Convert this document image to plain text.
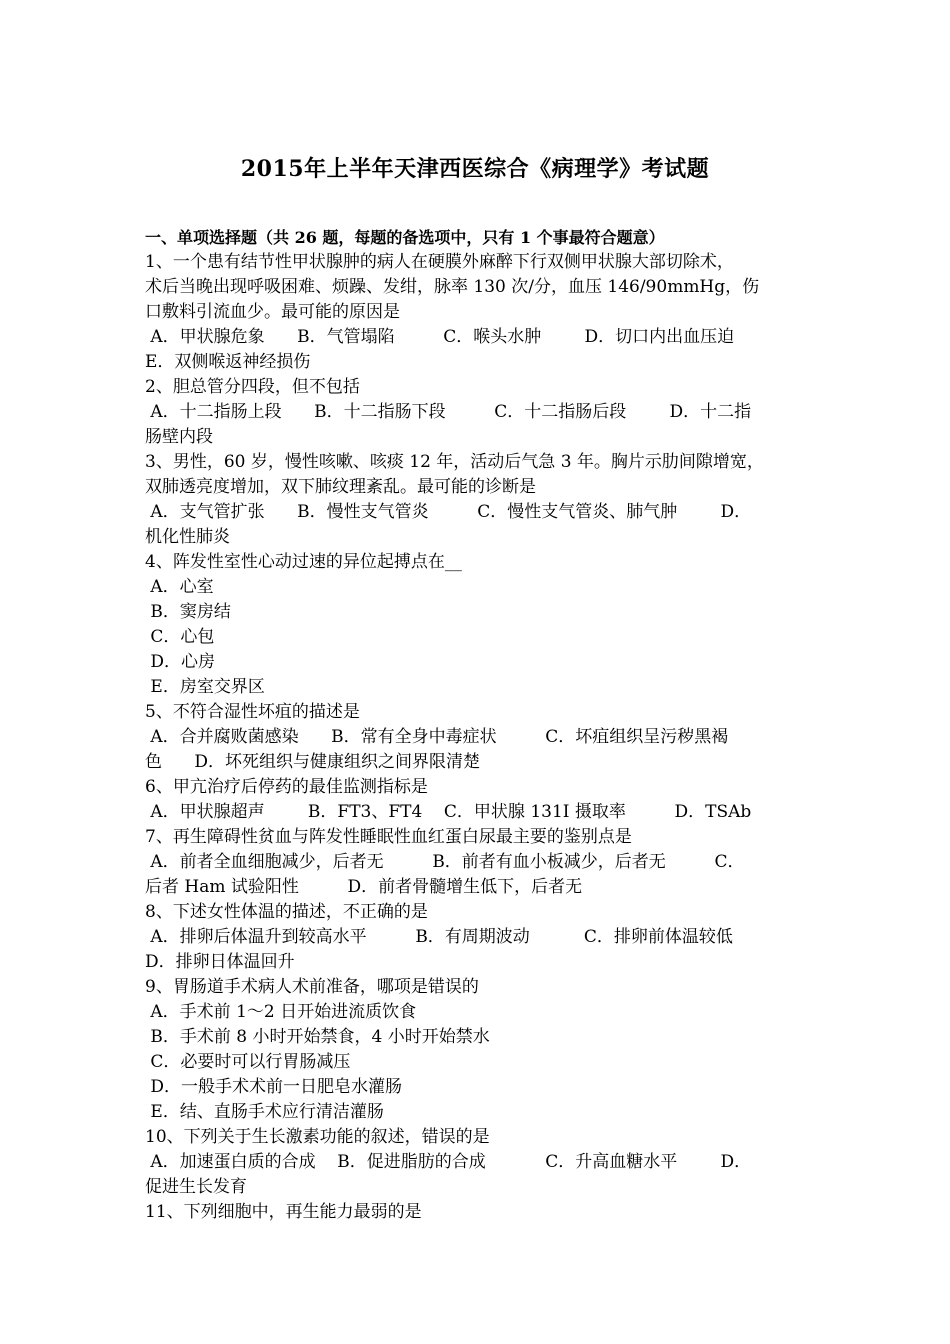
2015年上半年天津西医综合《病理学》考试题
一、单项选择题（共 26 题，每题的备选项中，只有 1 个事最符合题意）
1、一个患有结节性甲状腺肿的病人在硬膜外麻醉下行双侧甲状腺大部切除术，
术后当晚出现呼吸困难、烦躁、发绀，脉率 130 次/分，血压 146/90mmHg，伤
口敷料引流血少。最可能的原因是
A．甲状腺危象      B．气管塌陷         C．喉头水肿        D．切口内出血压迫
E．双侧喉返神经损伤
2、胆总管分四段，但不包括
A．十二指肠上段      B．十二指肠下段         C．十二指肠后段        D．十二指
肠壁内段
3、男性，60 岁，慢性咳嗽、咳痰 12 年，活动后气急 3 年。胸片示肋间隙增宽，
双肺透亮度增加，双下肺纹理紊乱。最可能的诊断是
A．支气管扩张      B．慢性支气管炎         C．慢性支气管炎、肺气肿        D．
机化性肺炎
4、阵发性室性心动过速的异位起搏点在__
A．心室
B．窦房结
C．心包
D．心房
E．房室交界区
5、不符合湿性坏疽的描述是
A．合并腐败菌感染      B．常有全身中毒症状         C．坏疽组织呈污秽黑褐
色      D．坏死组织与健康组织之间界限清楚
6、甲亢治疗后停药的最佳监测指标是
A．甲状腺超声        B．FT3、FT4    C．甲状腺 131I 摄取率         D．TSAb
7、再生障碍性贫血与阵发性睡眠性血红蛋白尿最主要的鉴别点是
A．前者全血细胞减少，后者无         B．前者有血小板减少，后者无         C．
后者 Ham 试验阳性         D．前者骨髓增生低下，后者无
8、下述女性体温的描述，不正确的是
A．排卵后体温升到较高水平         B．有周期波动          C．排卵前体温较低
D．排卵日体温回升
9、胃肠道手术病人术前准备，哪项是错误的
A．手术前 1～2 日开始进流质饮食
B．手术前 8 小时开始禁食，4 小时开始禁水
C．必要时可以行胃肠减压
D．一般手术术前一日肥皂水灌肠
E．结、直肠手术应行清洁灌肠
10、下列关于生长激素功能的叙述，错误的是
A．加速蛋白质的合成    B．促进脂肪的合成           C．升高血糖水平        D．
促进生长发育
11、下列细胞中，再生能力最弱的是
